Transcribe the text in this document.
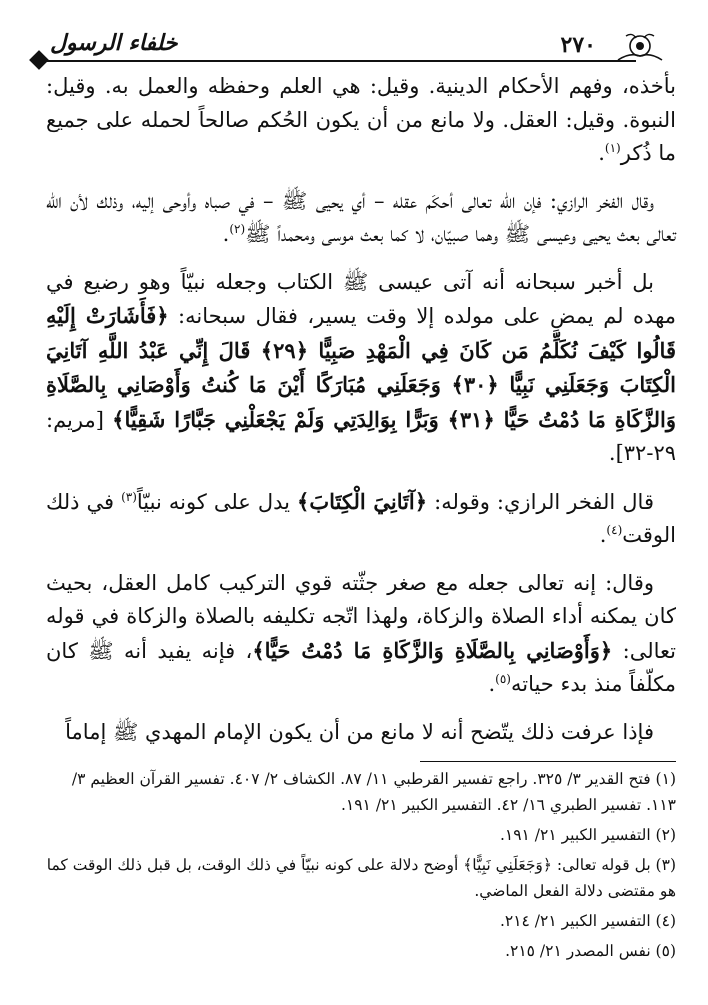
خلفاء الرسول	٢٧٠

بأخذه، وفهم الأحكام الدينية. وقيل: هي العلم وحفظه والعمل به. وقيل: النبوة. وقيل: العقل. ولا مانع من أن يكون الحُكم صالحاً لحمله على جميع ما ذُكر$^{(١)}$.

وقال الفخر الرازي: فإن الله تعالى أحكَم عقله – أي يحيى ﷺ – في صباه وأوحى إليه، وذلك لأن الله تعالى بعث يحيى وعيسى ﷺ وهما صبيّان، لا كما بعث موسى ومحمداً ﷺ$^{(٢)}$.

بل أخبر سبحانه أنه آتى عيسى ﷺ الكتاب وجعله نبيّاً وهو رضيع في مهده لم يمضِ على مولده إلا وقت يسير، فقال سبحانه: ﴿فَأَشَارَتْ إِلَيْهِ قَالُوا كَيْفَ نُكَلِّمُ مَن كَانَ فِي الْمَهْدِ صَبِيًّا ﴿٢٩﴾ قَالَ إِنِّي عَبْدُ اللَّهِ آتَانِيَ الْكِتَابَ وَجَعَلَنِي نَبِيًّا ﴿٣٠﴾ وَجَعَلَنِي مُبَارَكًا أَيْنَ مَا كُنتُ وَأَوْصَانِي بِالصَّلَاةِ وَالزَّكَاةِ مَا دُمْتُ حَيًّا ﴿٣١﴾ وَبَرًّا بِوَالِدَتِي وَلَمْ يَجْعَلْنِي جَبَّارًا شَقِيًّا﴾ [مريم: ٢٩-٣٢].

قال الفخر الرازي: وقوله: ﴿آتَانِيَ الْكِتَابَ﴾ يدل على كونه نبيّاً$^{(٣)}$ في ذلك الوقت$^{(٤)}$.

وقال: إنه تعالى جعله مع صغر جثّته قوي التركيب كامل العقل، بحيث كان يمكنه أداء الصلاة والزكاة، ولهذا اتّجه تكليفه بالصلاة والزكاة في قوله تعالى: ﴿وَأَوْصَانِي بِالصَّلَاةِ وَالزَّكَاةِ مَا دُمْتُ حَيًّا﴾، فإنه يفيد أنه ﷺ كان مكلّفاً منذ بدء حياته$^{(٥)}$.

فإذا عرفت ذلك يتّضح أنه لا مانع من أن يكون الإمام المهدي ﷺ إماماً

(١) فتح القدير ٣/ ٣٢٥. راجع تفسير القرطبي ١١/ ٨٧. الكشاف ٢/ ٤٠٧. تفسير القرآن العظيم ٣/ ١١٣. تفسير الطبري ١٦/ ٤٢. التفسير الكبير ٢١/ ١٩١.

(٢) التفسير الكبير ٢١/ ١٩١.

(٣) بل قوله تعالى: ﴿وَجَعَلَنِي نَبِيًّا﴾ أوضح دلالة على كونه نبيّاً في ذلك الوقت، بل قبل ذلك الوقت كما هو مقتضى دلالة الفعل الماضي.

(٤) التفسير الكبير ٢١/ ٢١٤.

(٥) نفس المصدر ٢١/ ٢١٥.
